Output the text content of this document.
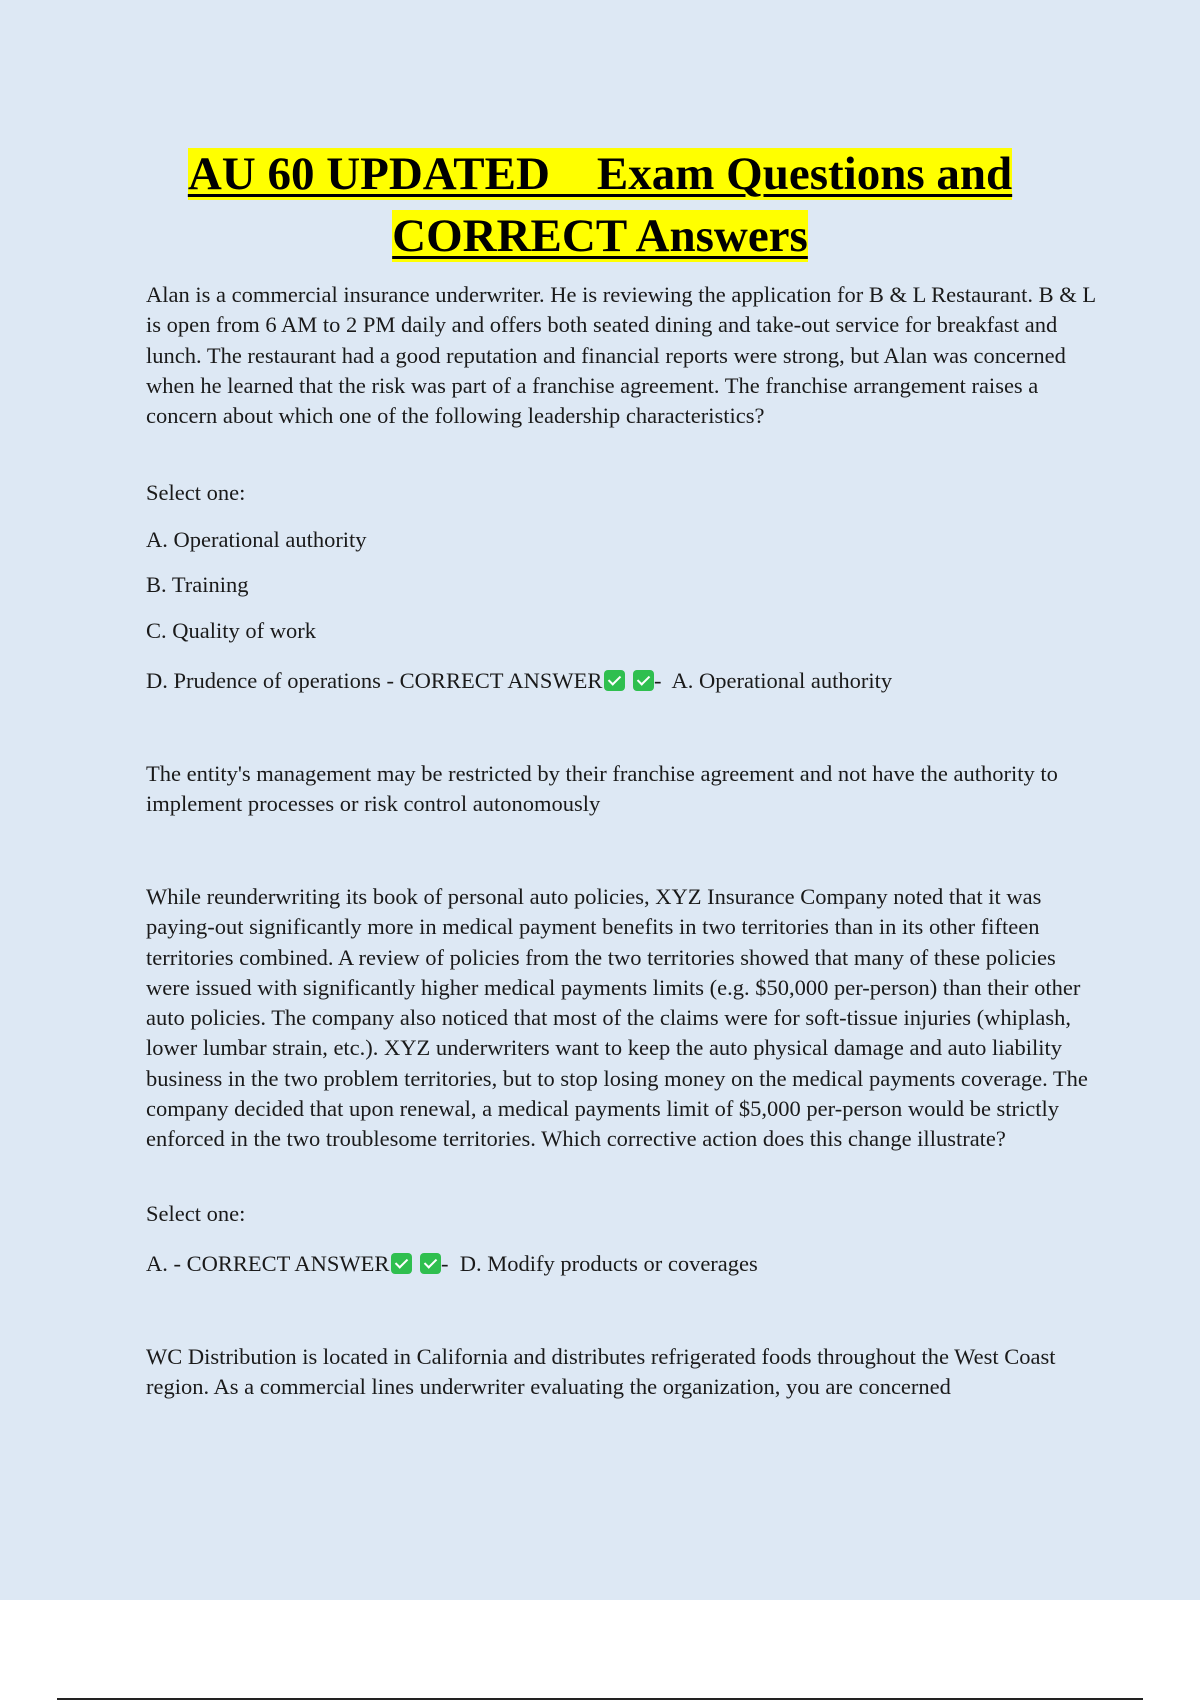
AU 60 UPDATED    Exam Questions and
CORRECT Answers

Alan is a commercial insurance underwriter. He is reviewing the application for B & L Restaurant. B & L is open from 6 AM to 2 PM daily and offers both seated dining and take-out service for breakfast and lunch. The restaurant had a good reputation and financial reports were strong, but Alan was concerned when he learned that the risk was part of a franchise agreement. The franchise arrangement raises a concern about which one of the following leadership characteristics?

Select one:

A. Operational authority

B. Training

C. Quality of work

D. Prudence of operations - CORRECT ANSWER -  A. Operational authority

The entity's management may be restricted by their franchise agreement and not have the authority to implement processes or risk control autonomously

While reunderwriting its book of personal auto policies, XYZ Insurance Company noted that it was paying-out significantly more in medical payment benefits in two territories than in its other fifteen territories combined. A review of policies from the two territories showed that many of these policies were issued with significantly higher medical payments limits (e.g. $50,000 per-person) than their other auto policies. The company also noticed that most of the claims were for soft-tissue injuries (whiplash, lower lumbar strain, etc.). XYZ underwriters want to keep the auto physical damage and auto liability business in the two problem territories, but to stop losing money on the medical payments coverage. The company decided that upon renewal, a medical payments limit of $5,000 per-person would be strictly enforced in the two troublesome territories. Which corrective action does this change illustrate?

Select one:

A. - CORRECT ANSWER -  D. Modify products or coverages

WC Distribution is located in California and distributes refrigerated foods throughout the West Coast region. As a commercial lines underwriter evaluating the organization, you are concerned
